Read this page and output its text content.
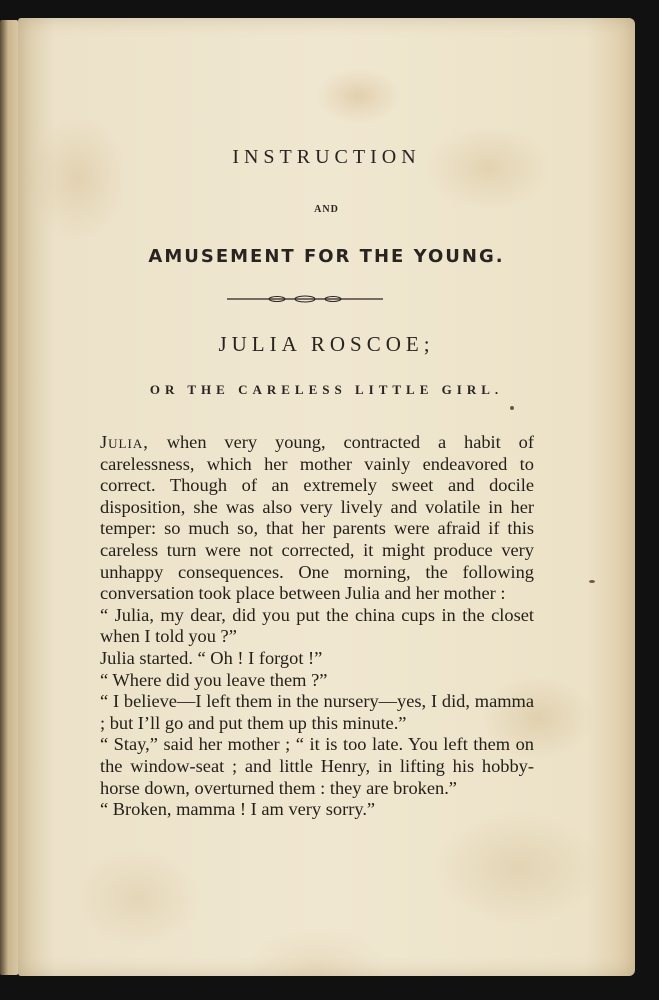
INSTRUCTION
AND
AMUSEMENT FOR THE YOUNG.
JULIA ROSCOE;
OR THE CARELESS LITTLE GIRL.

Julia, when very young, contracted a habit of carelessness, which her mother vainly endeavored to correct. Though of an extremely sweet and docile disposition, she was also very lively and volatile in her temper: so much so, that her parents were afraid if this careless turn were not corrected, it might produce very unhappy consequences. One morning, the following conversation took place between Julia and her mother :

“ Julia, my dear, did you put the china cups in the closet when I told you ?”

Julia started. “ Oh ! I forgot !”

“ Where did you leave them ?”

“ I believe—I left them in the nursery—yes, I did, mamma ; but I’ll go and put them up this minute.”

“ Stay,” said her mother ; “ it is too late. You left them on the window-seat ; and little Henry, in lifting his hobby-horse down, overturned them : they are broken.”

“ Broken, mamma ! I am very sorry.”
